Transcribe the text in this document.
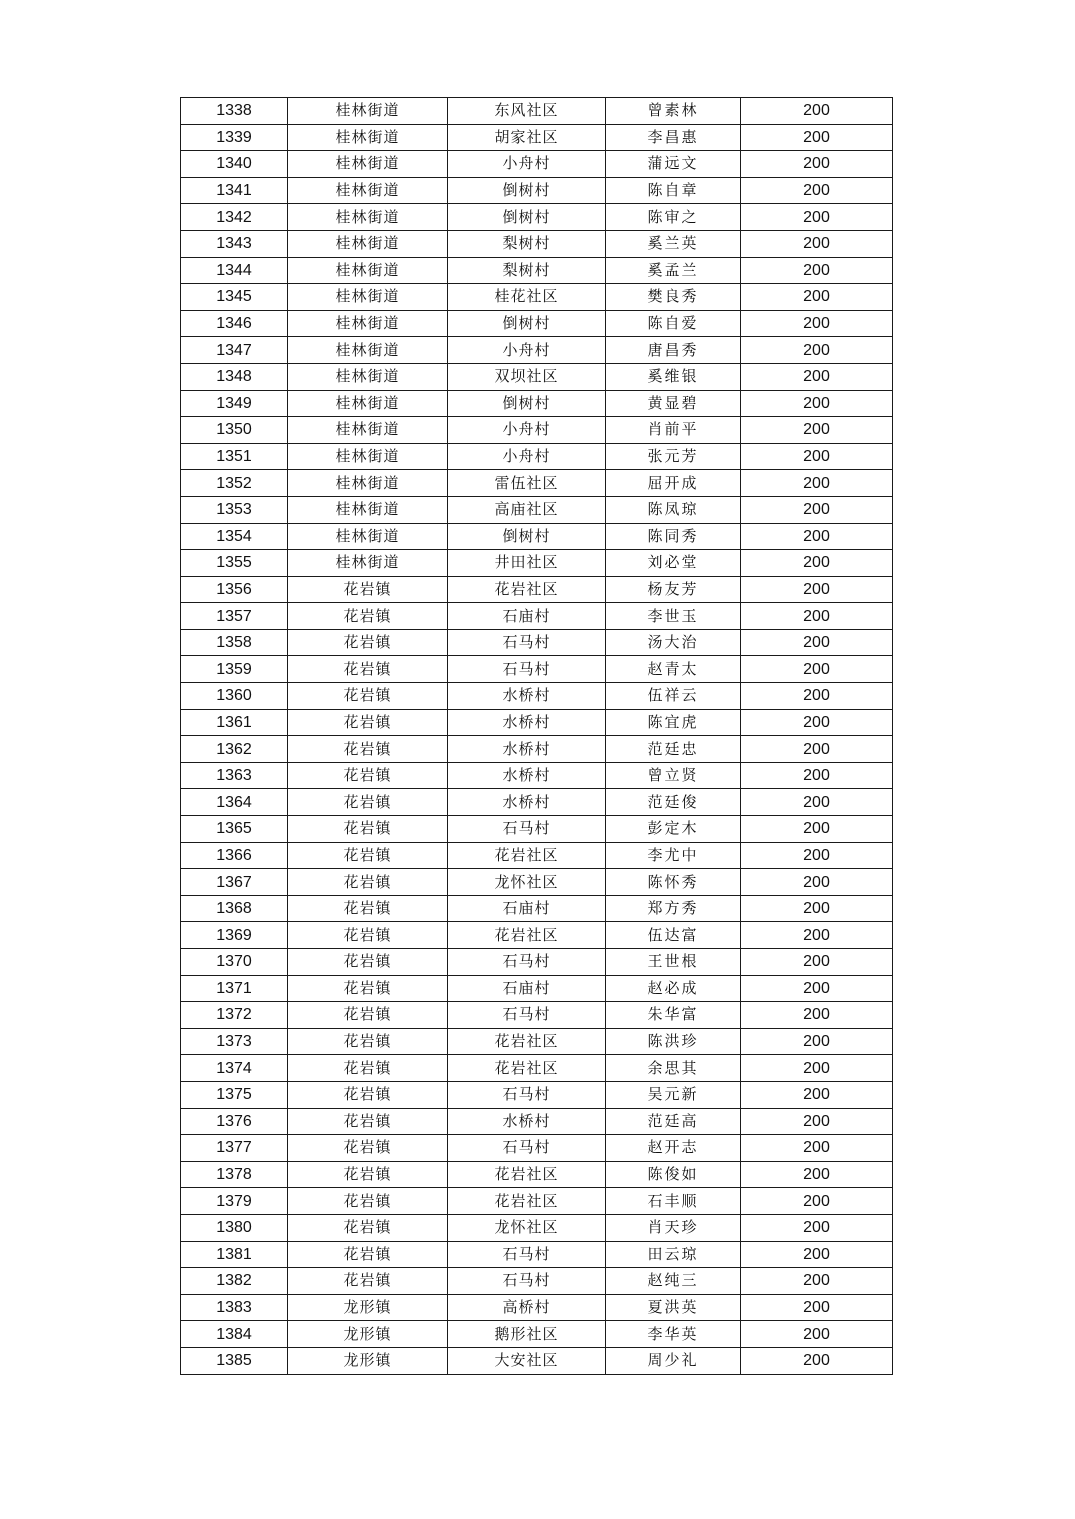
1338	桂林街道	东风社区	曾素林	200
1339	桂林街道	胡家社区	李昌惠	200
1340	桂林街道	小舟村	蒲远文	200
1341	桂林街道	倒树村	陈自章	200
1342	桂林街道	倒树村	陈审之	200
1343	桂林街道	梨树村	奚兰英	200
1344	桂林街道	梨树村	奚孟兰	200
1345	桂林街道	桂花社区	樊良秀	200
1346	桂林街道	倒树村	陈自爱	200
1347	桂林街道	小舟村	唐昌秀	200
1348	桂林街道	双坝社区	奚维银	200
1349	桂林街道	倒树村	黄显碧	200
1350	桂林街道	小舟村	肖前平	200
1351	桂林街道	小舟村	张元芳	200
1352	桂林街道	雷伍社区	屈开成	200
1353	桂林街道	高庙社区	陈凤琼	200
1354	桂林街道	倒树村	陈同秀	200
1355	桂林街道	井田社区	刘必堂	200
1356	花岩镇	花岩社区	杨友芳	200
1357	花岩镇	石庙村	李世玉	200
1358	花岩镇	石马村	汤大治	200
1359	花岩镇	石马村	赵青太	200
1360	花岩镇	水桥村	伍祥云	200
1361	花岩镇	水桥村	陈宜虎	200
1362	花岩镇	水桥村	范廷忠	200
1363	花岩镇	水桥村	曾立贤	200
1364	花岩镇	水桥村	范廷俊	200
1365	花岩镇	石马村	彭定木	200
1366	花岩镇	花岩社区	李尤中	200
1367	花岩镇	龙怀社区	陈怀秀	200
1368	花岩镇	石庙村	郑方秀	200
1369	花岩镇	花岩社区	伍达富	200
1370	花岩镇	石马村	王世根	200
1371	花岩镇	石庙村	赵必成	200
1372	花岩镇	石马村	朱华富	200
1373	花岩镇	花岩社区	陈洪珍	200
1374	花岩镇	花岩社区	余思其	200
1375	花岩镇	石马村	吴元新	200
1376	花岩镇	水桥村	范廷高	200
1377	花岩镇	石马村	赵开志	200
1378	花岩镇	花岩社区	陈俊如	200
1379	花岩镇	花岩社区	石丰顺	200
1380	花岩镇	龙怀社区	肖天珍	200
1381	花岩镇	石马村	田云琼	200
1382	花岩镇	石马村	赵纯三	200
1383	龙形镇	高桥村	夏洪英	200
1384	龙形镇	鹅形社区	李华英	200
1385	龙形镇	大安社区	周少礼	200
